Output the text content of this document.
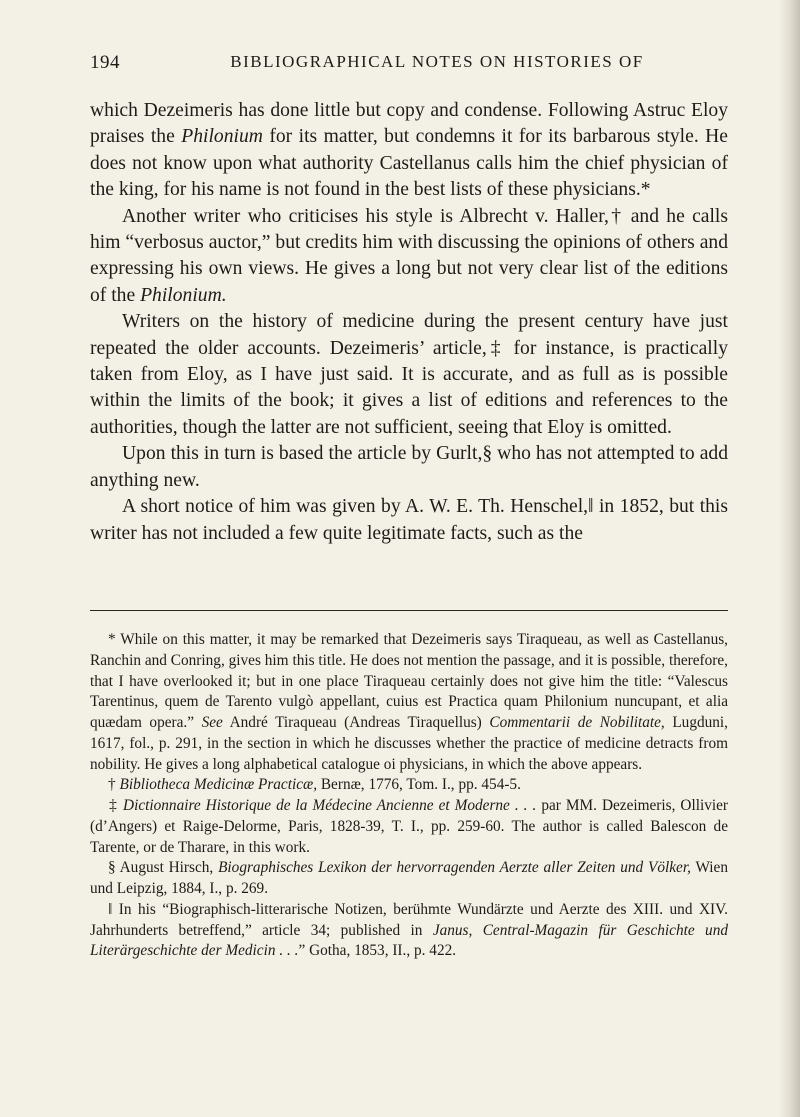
194	BIBLIOGRAPHICAL NOTES ON HISTORIES OF

which Dezeimeris has done little but copy and condense. Following Astruc Eloy praises the Philonium for its matter, but condemns it for its barbarous style. He does not know upon what authority Castellanus calls him the chief physician of the king, for his name is not found in the best lists of these physicians.*

Another writer who criticises his style is Albrecht v. Haller,† and he calls him “verbosus auctor,” but credits him with discussing the opinions of others and expressing his own views. He gives a long but not very clear list of the editions of the Philonium.

Writers on the history of medicine during the present century have just repeated the older accounts. Dezeimeris’ article,‡ for instance, is practically taken from Eloy, as I have just said. It is accurate, and as full as is possible within the limits of the book; it gives a list of editions and references to the authorities, though the latter are not sufficient, seeing that Eloy is omitted.

Upon this in turn is based the article by Gurlt,§ who has not attempted to add anything new.

A short notice of him was given by A. W. E. Th. Henschel,‖ in 1852, but this writer has not included a few quite legitimate facts, such as the

* While on this matter, it may be remarked that Dezeimeris says Tiraqueau, as well as Castellanus, Ranchin and Conring, gives him this title. He does not mention the passage, and it is possible, therefore, that I have overlooked it; but in one place Tiraqueau certainly does not give him the title: “Valescus Tarentinus, quem de Tarento vulgò appellant, cuius est Practica quam Philonium nuncupant, et alia quædam opera.” See André Tiraqueau (Andreas Tiraquellus) Commentarii de Nobilitate, Lugduni, 1617, fol., p. 291, in the section in which he discusses whether the practice of medicine detracts from nobility. He gives a long alphabetical catalogue oi physicians, in which the above appears.

† Bibliotheca Medicinæ Practicæ, Bernæ, 1776, Tom. I., pp. 454-5.

‡ Dictionnaire Historique de la Médecine Ancienne et Moderne . . . par MM. Dezeimeris, Ollivier (d’Angers) et Raige-Delorme, Paris, 1828-39, T. I., pp. 259-60. The author is called Balescon de Tarente, or de Tharare, in this work.

§ August Hirsch, Biographisches Lexikon der hervorragenden Aerzte aller Zeiten und Völker, Wien und Leipzig, 1884, I., p. 269.

‖ In his “Biographisch-litterarische Notizen, berühmte Wundärzte und Aerzte des XIII. und XIV. Jahrhunderts betreffend,” article 34; published in Janus, Central-Magazin für Geschichte und Literärgeschichte der Medicin . . .” Gotha, 1853, II., p. 422.
